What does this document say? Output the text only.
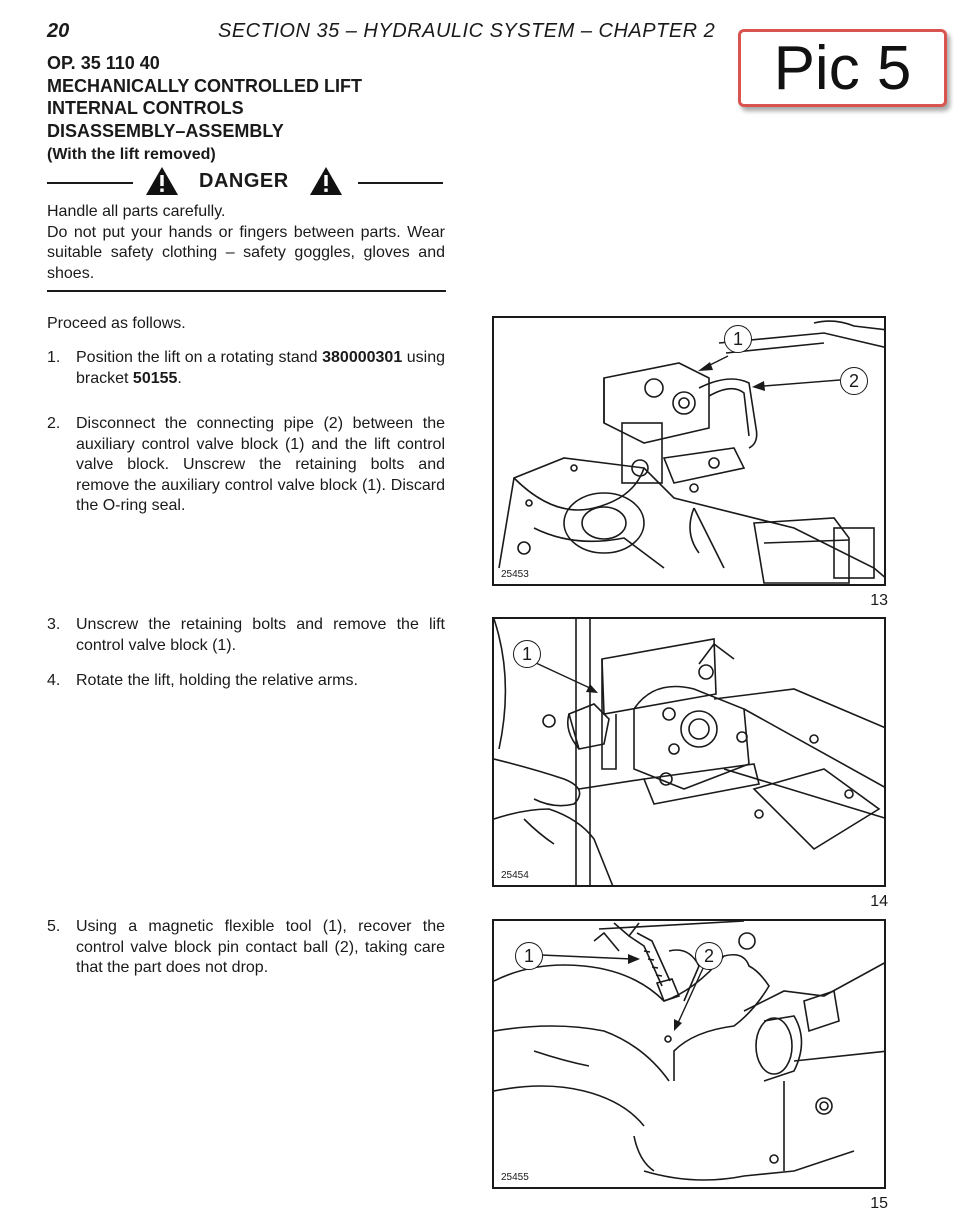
20	SECTION 35 – HYDRAULIC SYSTEM – CHAPTER 2
Pic 5
OP. 35 110 40
MECHANICALLY CONTROLLED LIFT
INTERNAL CONTROLS
DISASSEMBLY–ASSEMBLY
(With the lift removed)
DANGER
Handle all parts carefully.
Do not put your hands or fingers between parts. Wear suitable safety clothing – safety goggles, gloves and shoes.
Proceed as follows.
1. Position the lift on a rotating stand 380000301 using bracket 50155.
2. Disconnect the connecting pipe (2) between the auxiliary control valve block (1) and the lift control valve block. Unscrew the retaining bolts and remove the auxiliary control valve block (1). Discard the O-ring seal.
3. Unscrew the retaining bolts and remove the lift control valve block (1).
4. Rotate the lift, holding the relative arms.
5. Using a magnetic flexible tool (1), recover the control valve block pin contact ball (2), taking care that the part does not drop.
1
2
25453
13
1
25454
14
1	2
25455
15
